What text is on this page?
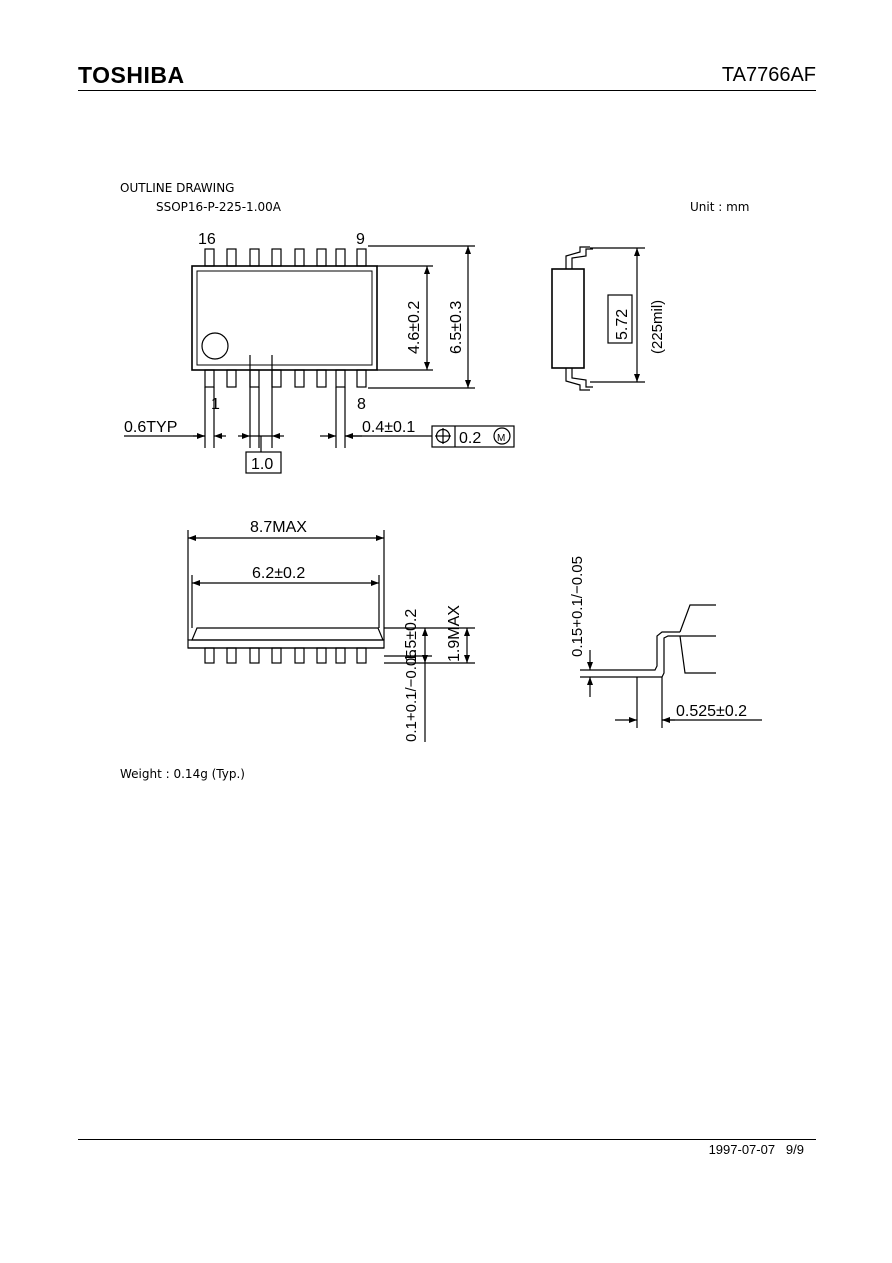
TOSHIBA	TA7766AF
OUTLINE DRAWING
SSOP16-P-225-1.00A	Unit : mm
16	9
1	8
4.6±0.2 6.5±0.3
0.6TYP	0.4±0.1
0.2 M
1.0
5.72 (225mil)
8.7MAX
6.2±0.2
1.5±0.2 1.9MAX
0.1+0.1/−0.05
0.15+0.1/−0.05
0.525±0.2
Weight : 0.14g (Typ.)
1997-07-07 9/9
